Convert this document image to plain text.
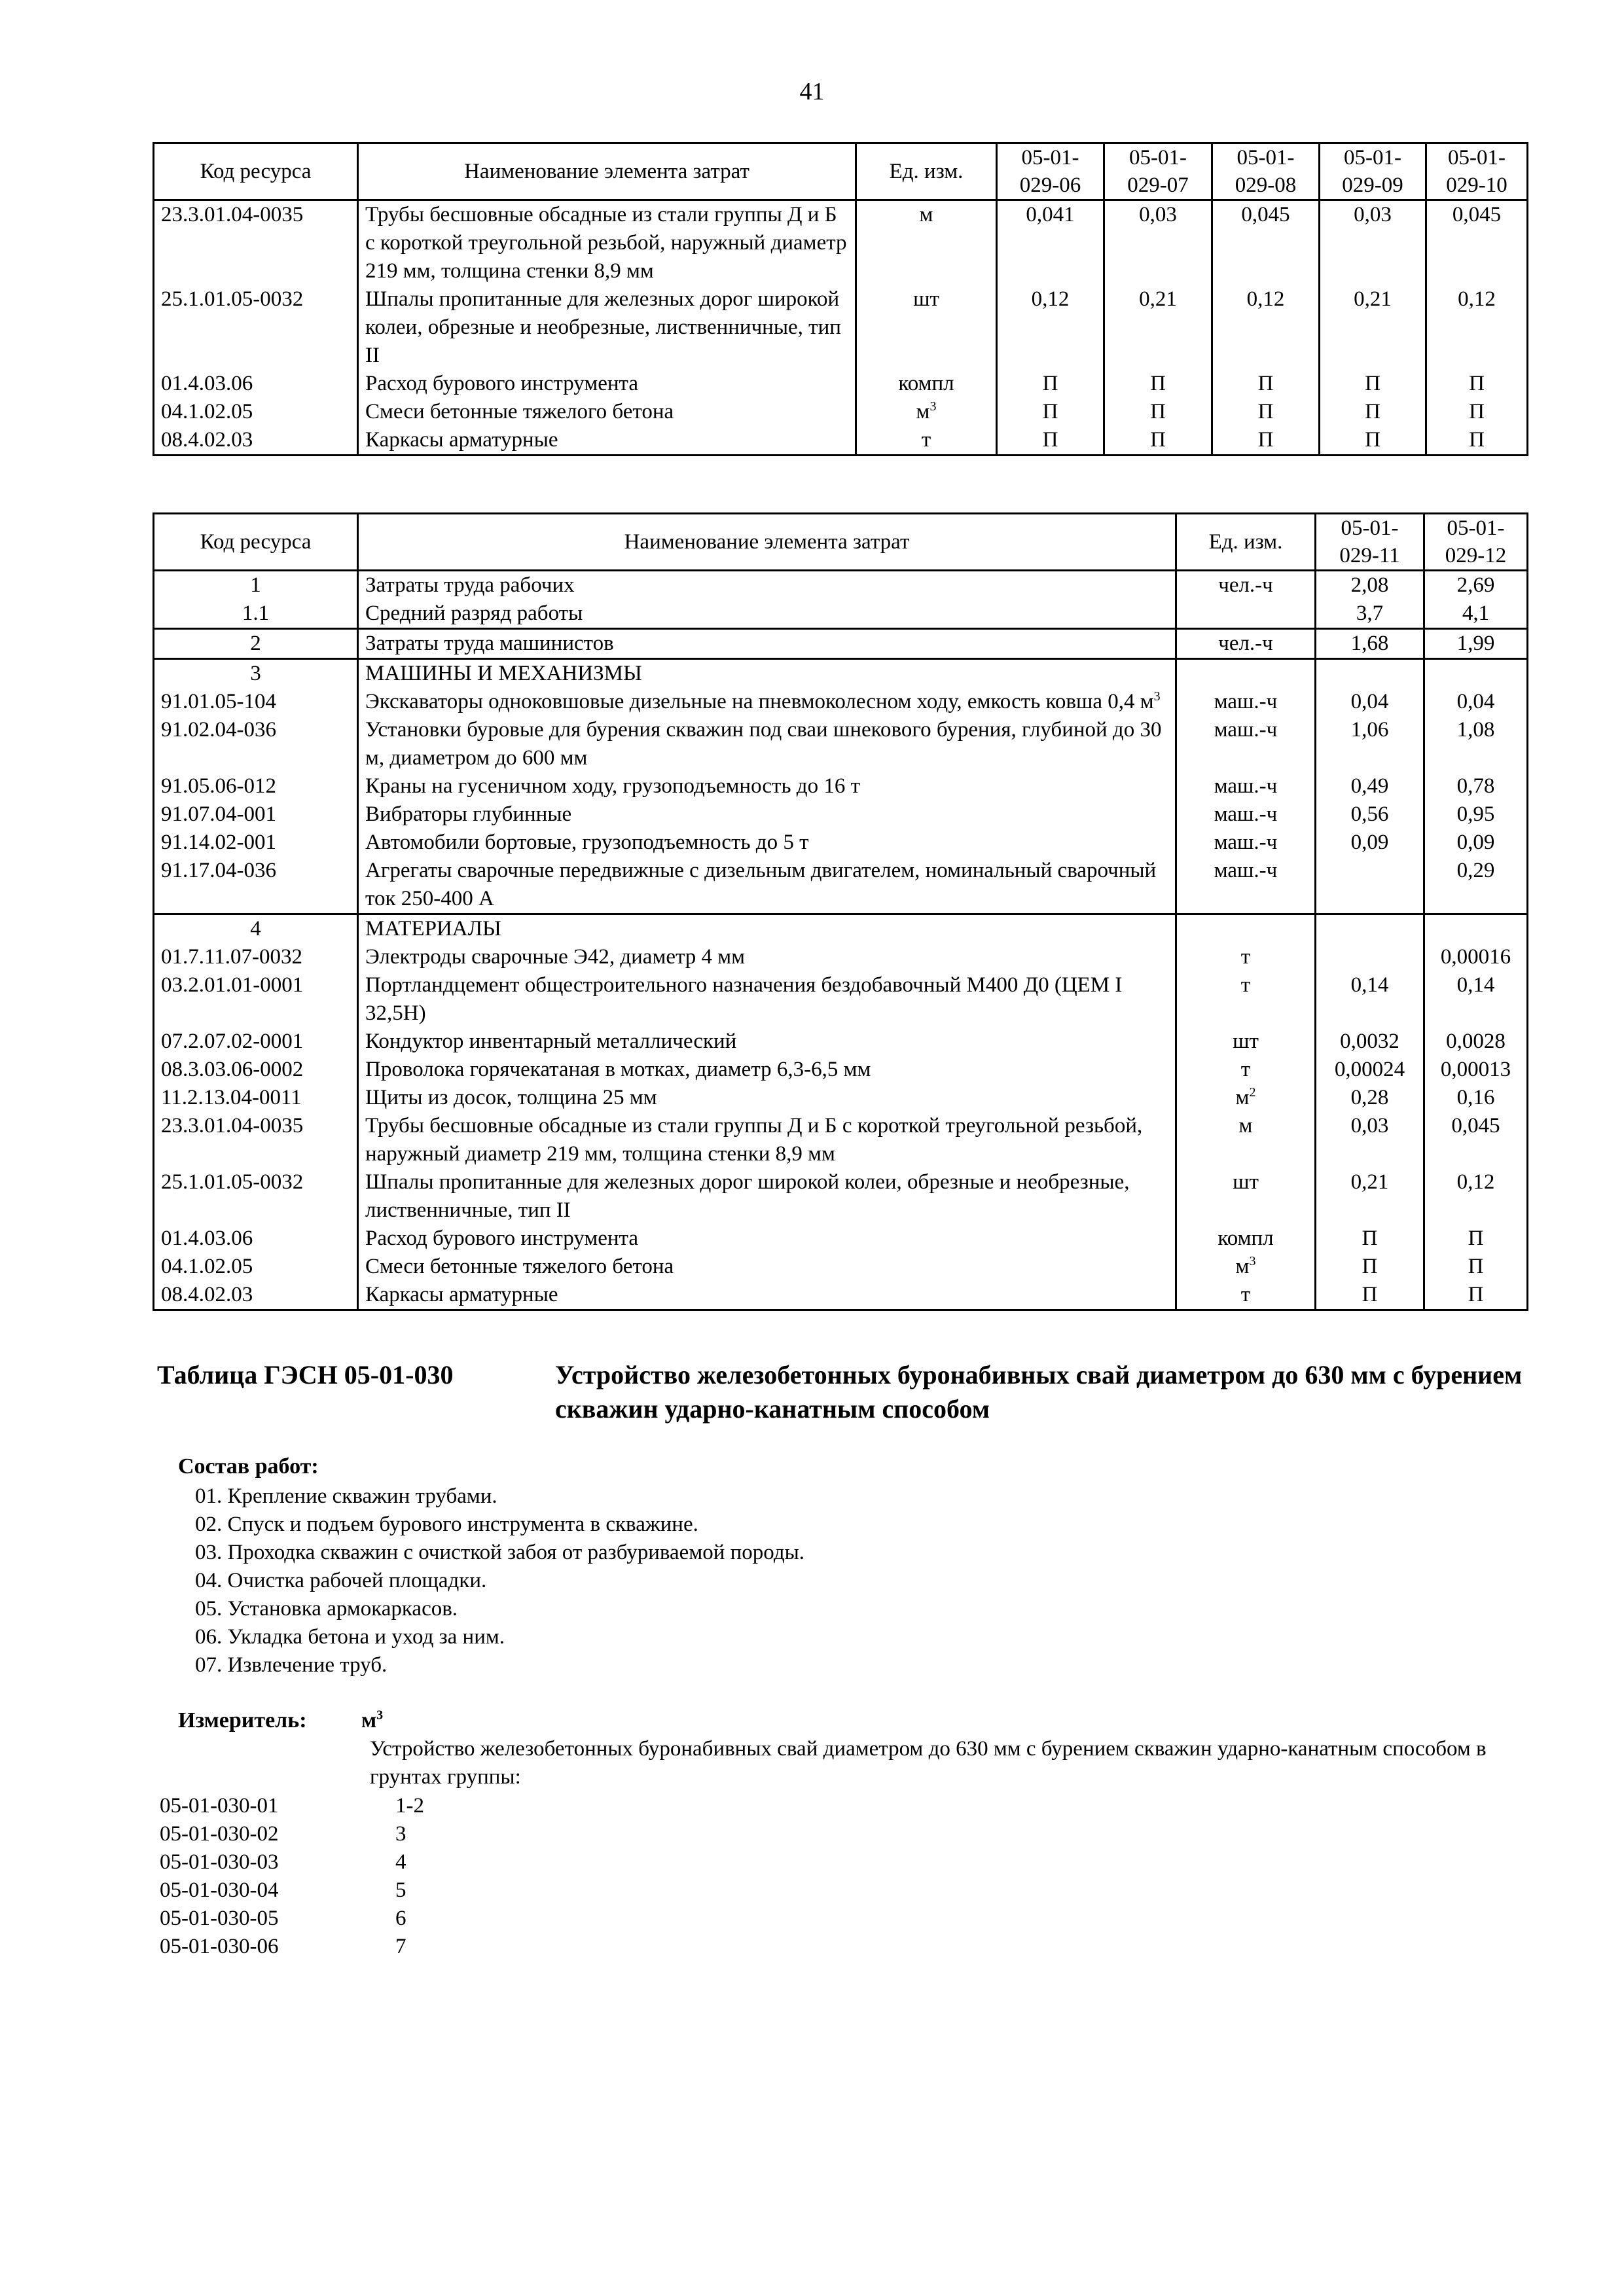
41
Код ресурса	Наименование элемента затрат	Ед. изм.	05-01-029-06	05-01-029-07	05-01-029-08	05-01-029-09	05-01-029-10
23.3.01.04-0035	Трубы бесшовные обсадные из стали группы Д и Б с короткой треугольной резьбой, наружный диаметр 219 мм, толщина стенки 8,9 мм	м	0,041	0,03	0,045	0,03	0,045
25.1.01.05-0032	Шпалы пропитанные для железных дорог широкой колеи, обрезные и необрезные, лиственничные, тип II	шт	0,12	0,21	0,12	0,21	0,12
01.4.03.06	Расход бурового инструмента	компл	П	П	П	П	П
04.1.02.05	Смеси бетонные тяжелого бетона	$м^3$	П	П	П	П	П
08.4.02.03	Каркасы арматурные	т	П	П	П	П	П
Код ресурса	Наименование элемента затрат	Ед. изм.	05-01-029-11	05-01-029-12
1	Затраты труда рабочих	чел.-ч	2,08	2,69
1.1	Средний разряд работы		3,7	4,1
2	Затраты труда машинистов	чел.-ч	1,68	1,99
3	МАШИНЫ И МЕХАНИЗМЫ			
91.01.05-104	Экскаваторы одноковшовые дизельные на пневмоколесном ходу, емкость ковша 0,4 $м^3$	маш.-ч	0,04	0,04
91.02.04-036	Установки буровые для бурения скважин под сваи шнекового бурения, глубиной до 30 м, диаметром до 600 мм	маш.-ч	1,06	1,08
91.05.06-012	Краны на гусеничном ходу, грузоподъемность до 16 т	маш.-ч	0,49	0,78
91.07.04-001	Вибраторы глубинные	маш.-ч	0,56	0,95
91.14.02-001	Автомобили бортовые, грузоподъемность до 5 т	маш.-ч	0,09	0,09
91.17.04-036	Агрегаты сварочные передвижные с дизельным двигателем, номинальный сварочный ток 250-400 А	маш.-ч		0,29
4	МАТЕРИАЛЫ			
01.7.11.07-0032	Электроды сварочные Э42, диаметр 4 мм	т		0,00016
03.2.01.01-0001	Портландцемент общестроительного назначения бездобавочный М400 Д0 (ЦЕМ I 32,5Н)	т	0,14	0,14
07.2.07.02-0001	Кондуктор инвентарный металлический	шт	0,0032	0,0028
08.3.03.06-0002	Проволока горячекатаная в мотках, диаметр 6,3-6,5 мм	т	0,00024	0,00013
11.2.13.04-0011	Щиты из досок, толщина 25 мм	$м^2$	0,28	0,16
23.3.01.04-0035	Трубы бесшовные обсадные из стали группы Д и Б с короткой треугольной резьбой, наружный диаметр 219 мм, толщина стенки 8,9 мм	м	0,03	0,045
25.1.01.05-0032	Шпалы пропитанные для железных дорог широкой колеи, обрезные и необрезные, лиственничные, тип II	шт	0,21	0,12
01.4.03.06	Расход бурового инструмента	компл	П	П
04.1.02.05	Смеси бетонные тяжелого бетона	$м^3$	П	П
08.4.02.03	Каркасы арматурные	т	П	П
Таблица ГЭСН 05-01-030	Устройство железобетонных буронабивных свай диаметром до 630 мм с бурением скважин ударно-канатным способом
Состав работ:
01. Крепление скважин трубами.
02. Спуск и подъем бурового инструмента в скважине.
03. Проходка скважин с очисткой забоя от разбуриваемой породы.
04. Очистка рабочей площадки.
05. Установка армокаркасов.
06. Укладка бетона и уход за ним.
07. Извлечение труб.
Измеритель: $м^3$
Устройство железобетонных буронабивных свай диаметром до 630 мм с бурением скважин ударно-канатным способом в грунтах группы:
05-01-030-01	1-2
05-01-030-02	3
05-01-030-03	4
05-01-030-04	5
05-01-030-05	6
05-01-030-06	7
